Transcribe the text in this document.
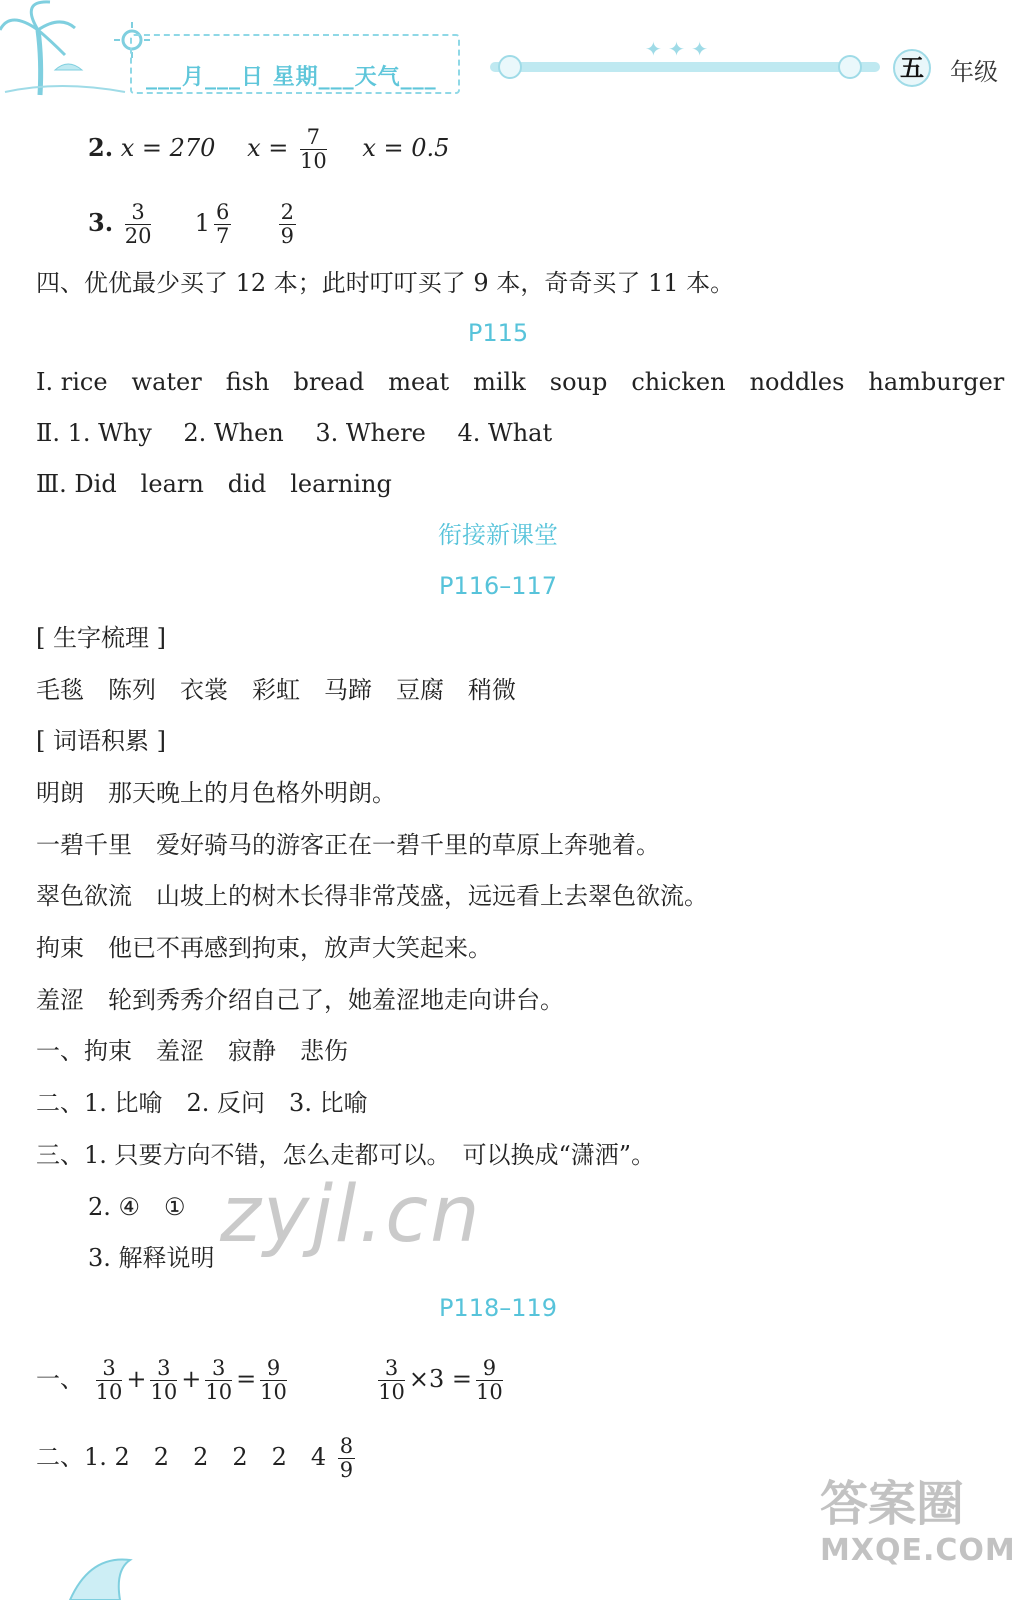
___月___日 星期___天气___
✦ ✦ ✦
五 年级
2. x = 270 $x = \frac{7}{10}$ x = 0.5
3. $\frac{3}{20} 1 \frac{6}{7}$
$\frac{2}{9}$
四、优优最少买了 12 本；此时叮叮买了 9 本，奇奇买了 11 本。
P115
Ⅰ. rice　water　fish　bread　meat　milk　soup　chicken　noddles　hamburger
Ⅱ. 1. Why　 2. When　 3. Where　 4. What
Ⅲ. Did　learn　did　learning
衔接新课堂
P116–117
[ 生字梳理 ]
毛毯　陈列　衣裳　彩虹　马蹄　豆腐　稍微
[ 词语积累 ]
明朗　那天晚上的月色格外明朗。
一碧千里　爱好骑马的游客正在一碧千里的草原上奔驰着。
翠色欲流　山坡上的树木长得非常茂盛，远远看上去翠色欲流。
拘束　他已不再感到拘束，放声大笑起来。
羞涩　轮到秀秀介绍自己了，她羞涩地走向讲台。
一、拘束　羞涩　寂静　悲伤
二、1. 比喻　2. 反问　3. 比喻
三、1. 只要方向不错，怎么走都可以。　可以换成“潇洒”。
2. ④　①
3. 解释说明 zyjl.cn
P118–119
一、 $\frac{3}{10} + \frac{3}{10} + \frac{3}{10} = \frac{9}{10}$
	$\frac{3}{10} \times 3 = \frac{9}{10}$
二、1. 2　2　2　2　2　$4 \frac{8}{9}$
答案圈
MXQE.COM
